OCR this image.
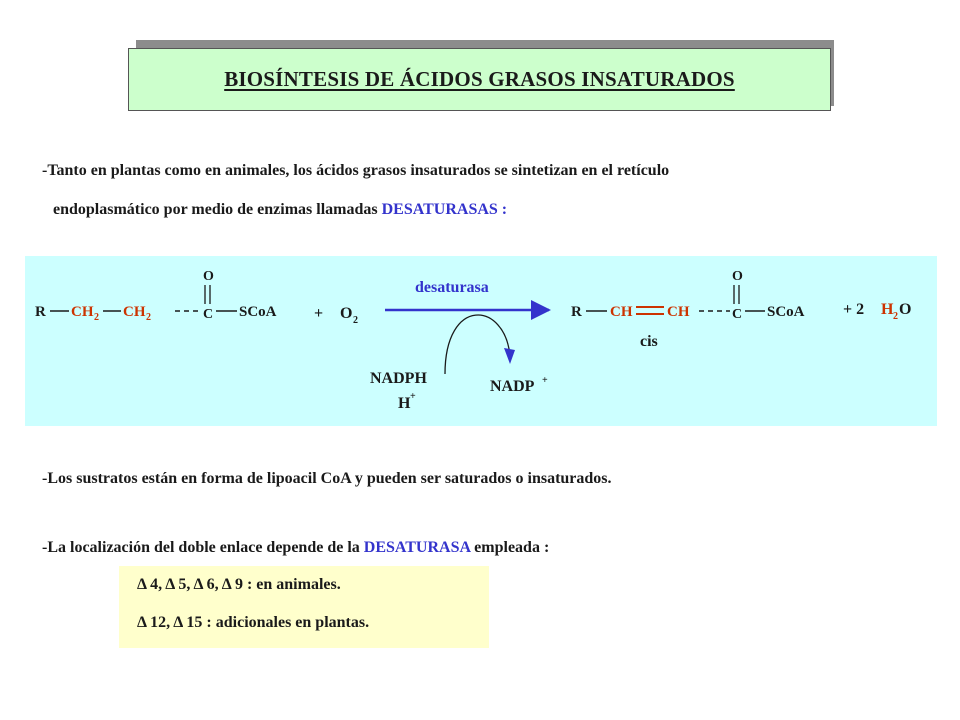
BIOSÍNTESIS DE ÁCIDOS GRASOS INSATURADOS
-Tanto en plantas como en animales, los ácidos grasos insaturados se sintetizan en el retículo
endoplasmático por medio de enzimas llamadas DESATURASAS :
R CH 2 CH 2
O
C SCoA + O 2
desaturasa
NADPH
H +
NADP +
R CH CH
O
C SCoA
cis
+ 2 H 2 O
-Los sustratos están en forma de lipoacil CoA y pueden ser saturados o insaturados.
-La localización del doble enlace depende de la DESATURASA empleada :
Δ 4, Δ 5, Δ 6, Δ 9 : en animales.
Δ 12, Δ 15 : adicionales en plantas.
